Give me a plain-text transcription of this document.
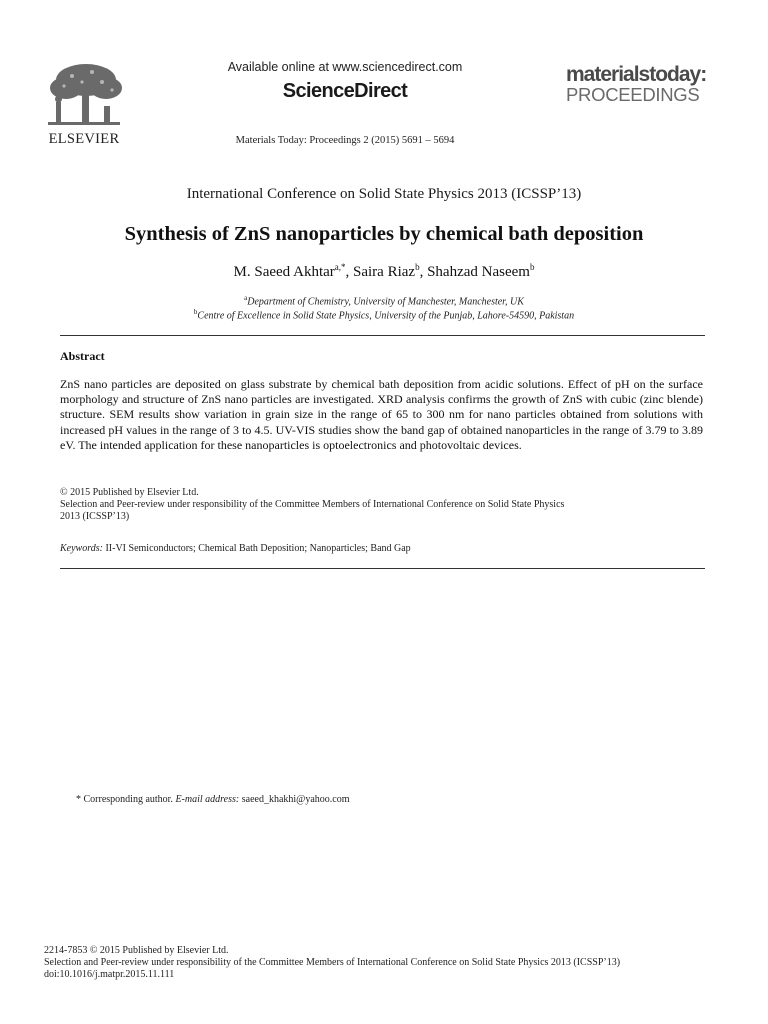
ELSEVIER
Available online at www.sciencedirect.com
ScienceDirect
Materials Today: Proceedings 2 (2015) 5691 – 5694
materialstoday:
PROCEEDINGS
International Conference on Solid State Physics 2013 (ICSSP’13)
Synthesis of ZnS nanoparticles by chemical bath deposition
M. Saeed Akhtar$^{a,*}$, Saira Riaz$^b$, Shahzad Naseem$^b$
$^a$Department of Chemistry, University of Manchester, Manchester, UK
$^b$Centre of Excellence in Solid State Physics, University of the Punjab, Lahore-54590, Pakistan
Abstract
ZnS nano particles are deposited on glass substrate by chemical bath deposition from acidic solutions. Effect of pH on the surface morphology and structure of ZnS nano particles are investigated. XRD analysis confirms the growth of ZnS with cubic (zinc blende) structure. SEM results show variation in grain size in the range of 65 to 300 nm for nano particles obtained from solutions with increased pH values in the range of 3 to 4.5. UV-VIS studies show the band gap of obtained nanoparticles in the range of 3.79 to 3.89 eV. The intended application for these nanoparticles is optoelectronics and photovoltaic devices.
© 2015 Published by Elsevier Ltd.
Selection and Peer-review under responsibility of the Committee Members of International Conference on Solid State Physics
2013 (ICSSP’13)
Keywords: II-VI Semiconductors; Chemical Bath Deposition; Nanoparticles; Band Gap
* Corresponding author. E-mail address: saeed_khakhi@yahoo.com
2214-7853 © 2015 Published by Elsevier Ltd.
Selection and Peer-review under responsibility of the Committee Members of International Conference on Solid State Physics 2013 (ICSSP’13)
doi:10.1016/j.matpr.2015.11.111
